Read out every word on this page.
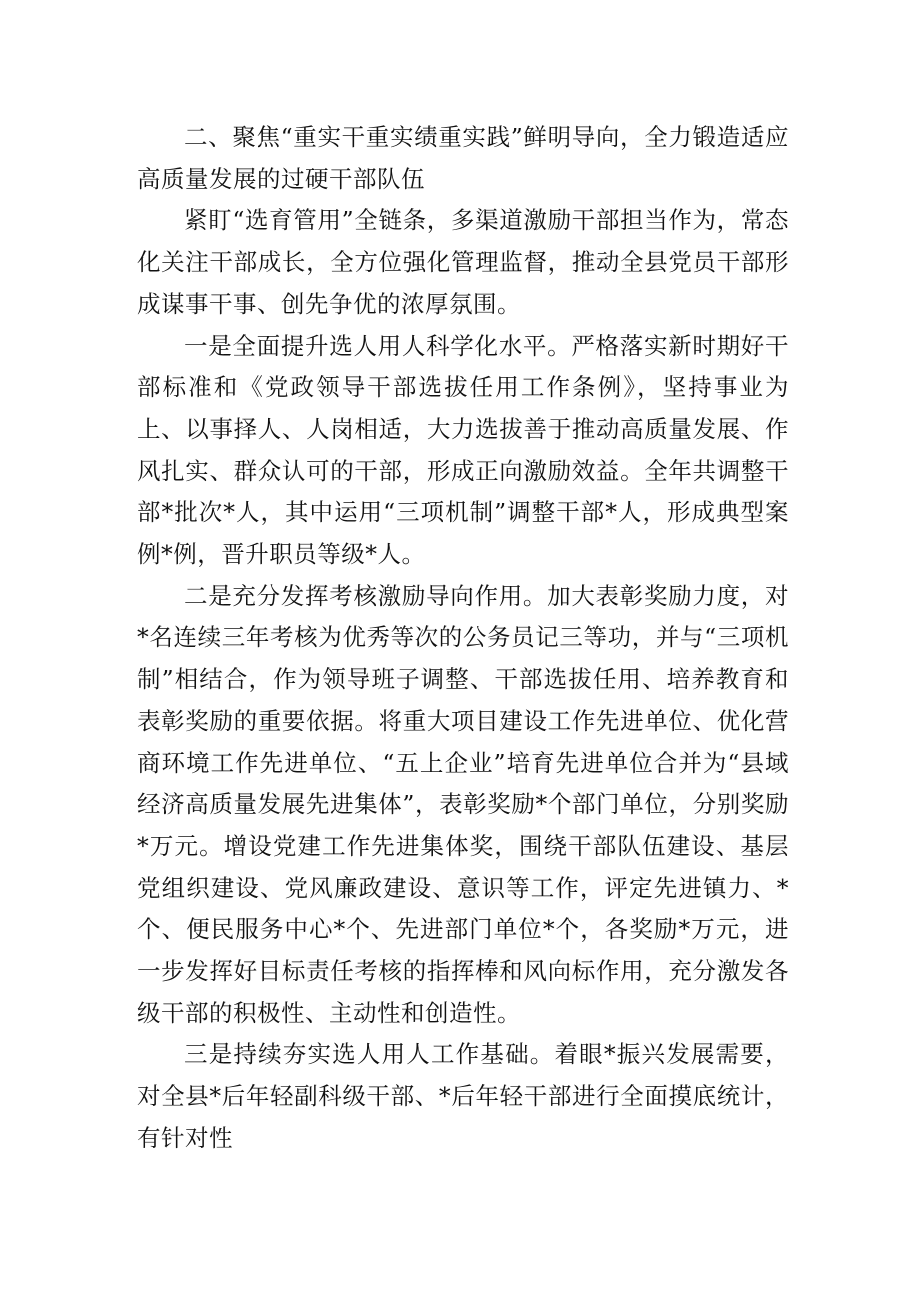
二、聚焦“重实干重实绩重实践”鲜明导向，全力锻造适应高质量发展的过硬干部队伍

紧盯“选育管用”全链条，多渠道激励干部担当作为，常态化关注干部成长，全方位强化管理监督，推动全县党员干部形成谋事干事、创先争优的浓厚氛围。

一是全面提升选人用人科学化水平。严格落实新时期好干部标准和《党政领导干部选拔任用工作条例》，坚持事业为上、以事择人、人岗相适，大力选拔善于推动高质量发展、作风扎实、群众认可的干部，形成正向激励效益。全年共调整干部*批次*人，其中运用“三项机制”调整干部*人，形成典型案例*例，晋升职员等级*人。

二是充分发挥考核激励导向作用。加大表彰奖励力度，对*名连续三年考核为优秀等次的公务员记三等功，并与“三项机制”相结合，作为领导班子调整、干部选拔任用、培养教育和表彰奖励的重要依据。将重大项目建设工作先进单位、优化营商环境工作先进单位、“五上企业”培育先进单位合并为“县域经济高质量发展先进集体”，表彰奖励*个部门单位，分别奖励*万元。增设党建工作先进集体奖，围绕干部队伍建设、基层党组织建设、党风廉政建设、意识等工作，评定先进镇力、*个、便民服务中心*个、先进部门单位*个，各奖励*万元，进一步发挥好目标责任考核的指挥棒和风向标作用，充分激发各级干部的积极性、主动性和创造性。

三是持续夯实选人用人工作基础。着眼*振兴发展需要，对全县*后年轻副科级干部、*后年轻干部进行全面摸底统计，有针对性
